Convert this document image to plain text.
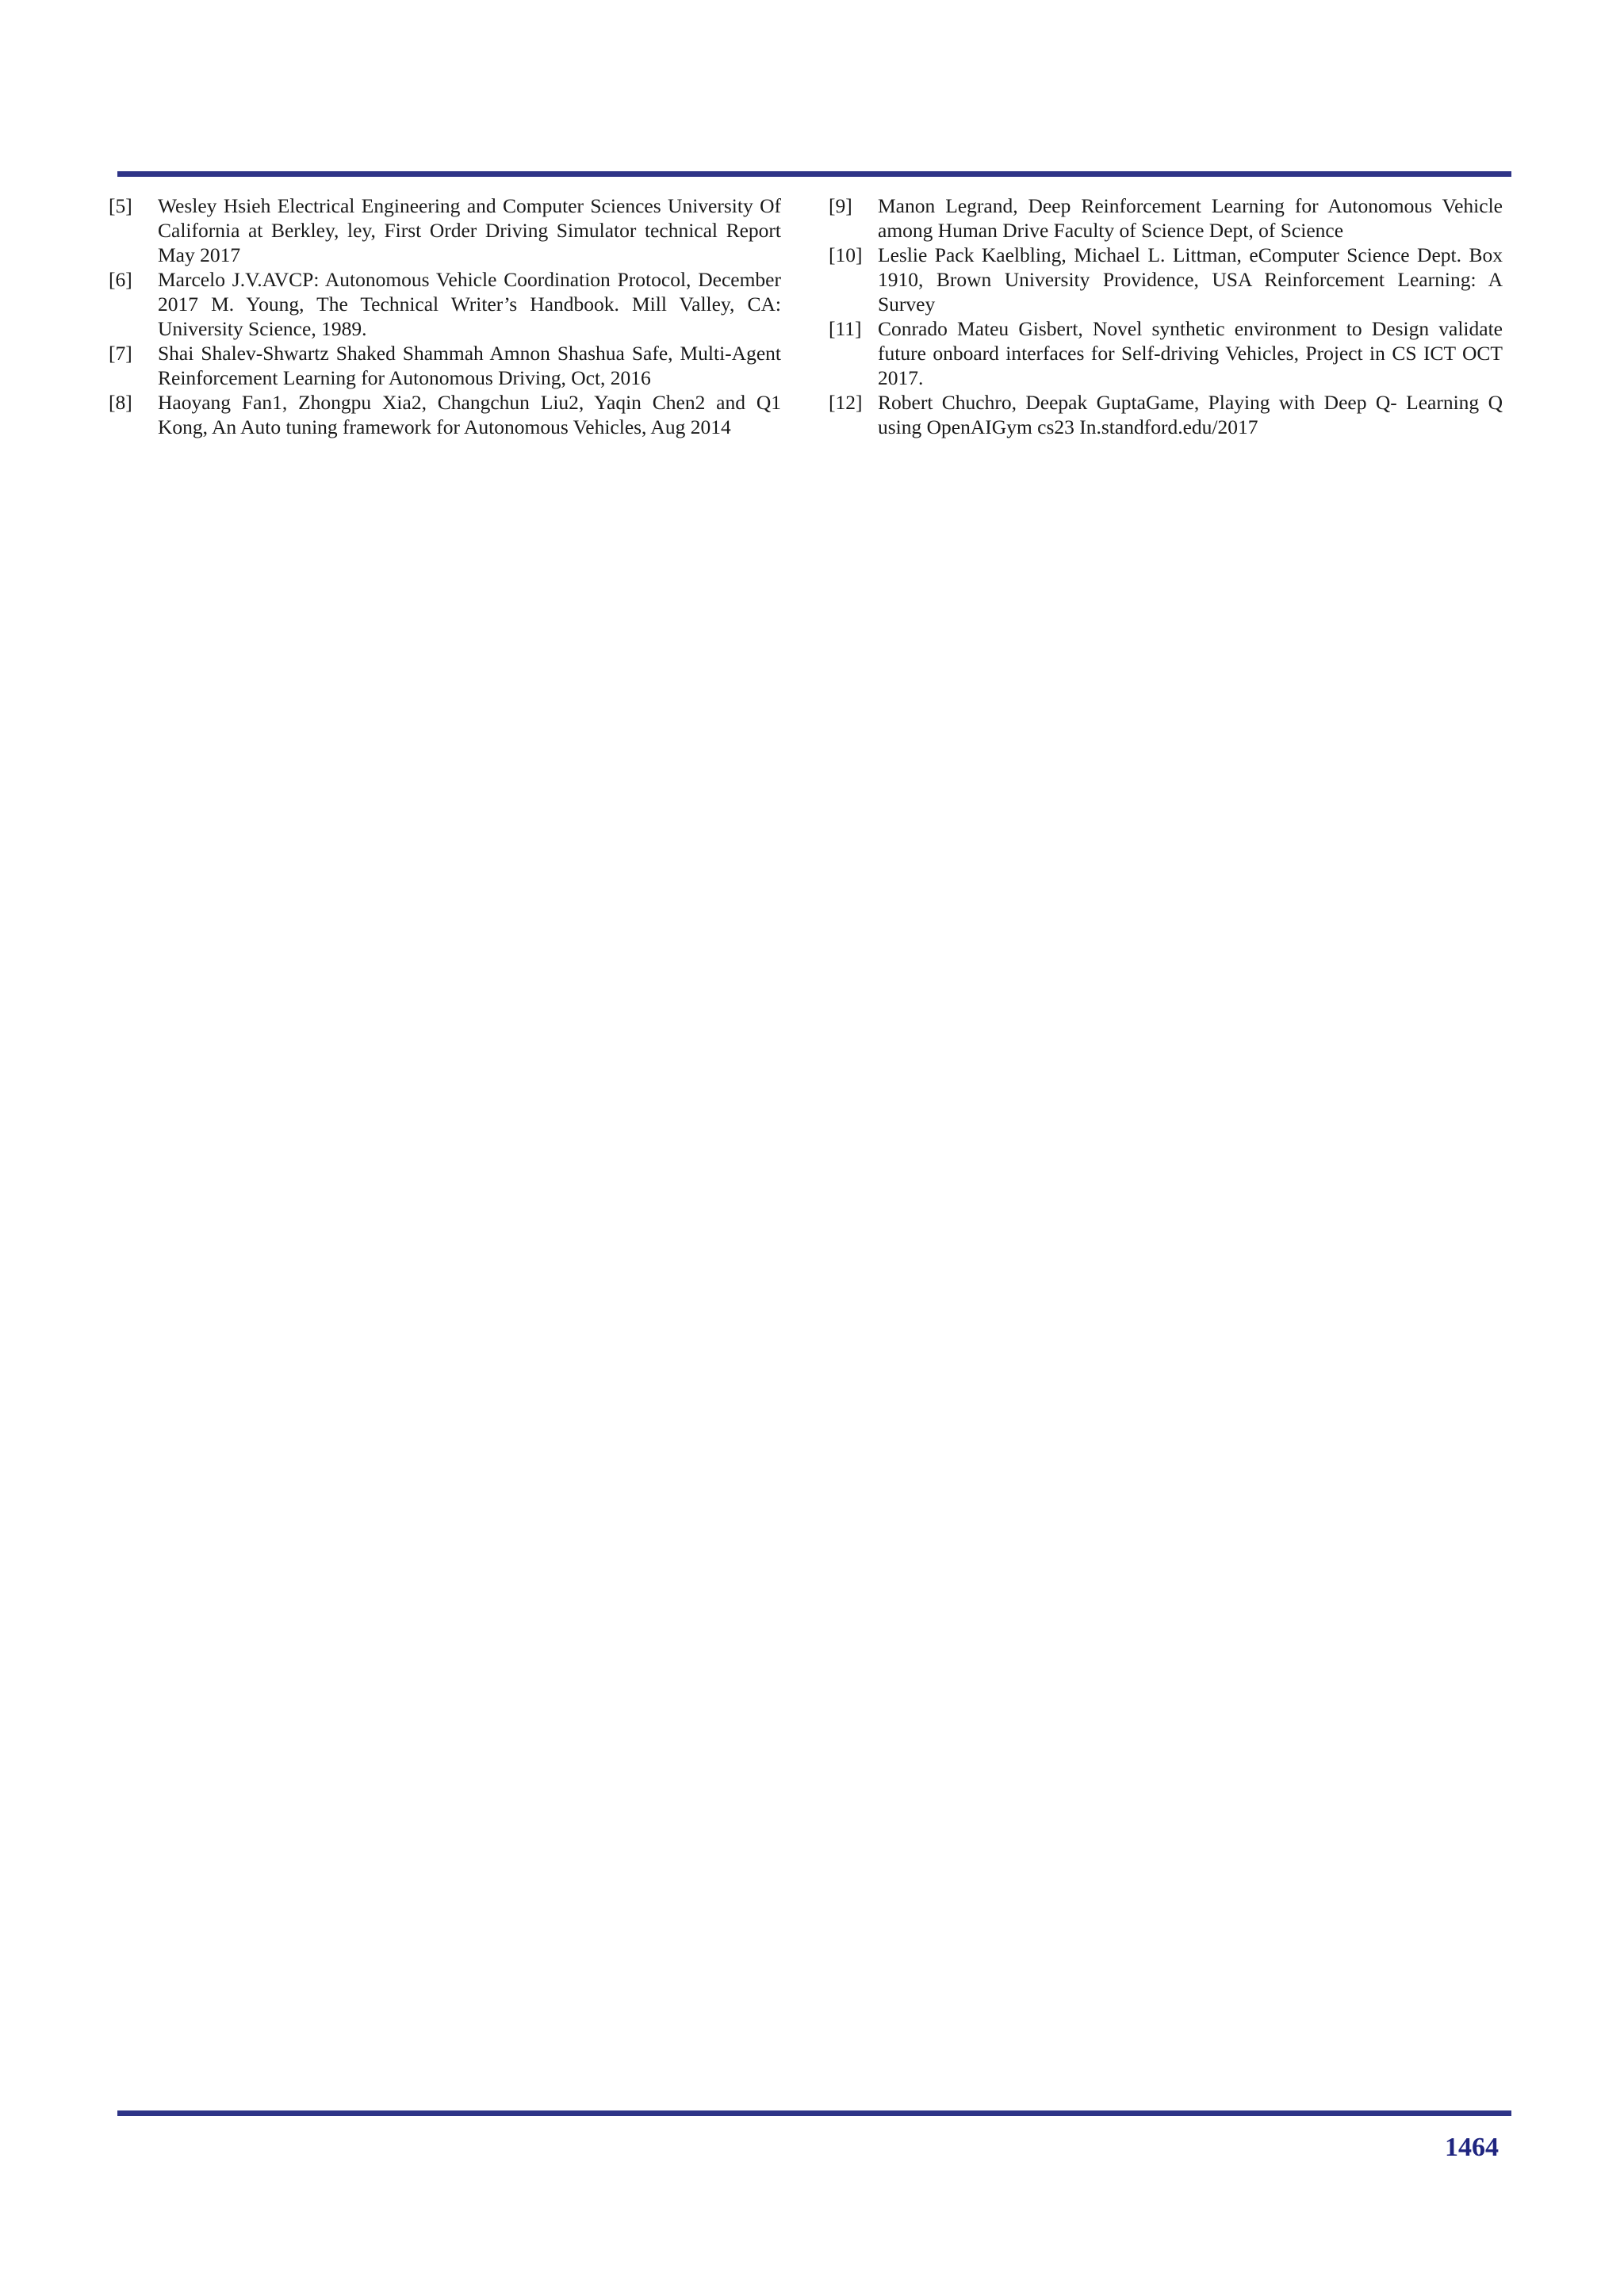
[5]	Wesley Hsieh Electrical Engineering and Computer Sciences University Of California at Berkley, ley, First Order Driving Simulator technical Report May 2017
[6]	Marcelo J.V.AVCP: Autonomous Vehicle Coordination Protocol, December 2017 M. Young, The Technical Writer’s Handbook. Mill Valley, CA: University Science, 1989.
[7]	Shai Shalev-Shwartz Shaked Shammah Amnon Shashua Safe, Multi-Agent Reinforcement Learning for Autonomous Driving, Oct, 2016
[8]	Haoyang Fan1, Zhongpu Xia2, Changchun Liu2, Yaqin Chen2 and Q1 Kong, An Auto tuning framework for Autonomous Vehicles, Aug 2014
[9]	Manon Legrand, Deep Reinforcement Learning for Autonomous Vehicle among Human Drive Faculty of Science Dept, of Science
[10] Leslie Pack Kaelbling, Michael L. Littman, eComputer Science Dept. Box 1910, Brown University Providence, USA Reinforcement Learning: A Survey
[11] Conrado Mateu Gisbert, Novel synthetic environment to Design validate future onboard interfaces for Self-driving Vehicles, Project in CS ICT OCT 2017.
[12] Robert Chuchro, Deepak GuptaGame, Playing with Deep Q- Learning Q using OpenAIGym cs23 In.standford.edu/2017
1464
